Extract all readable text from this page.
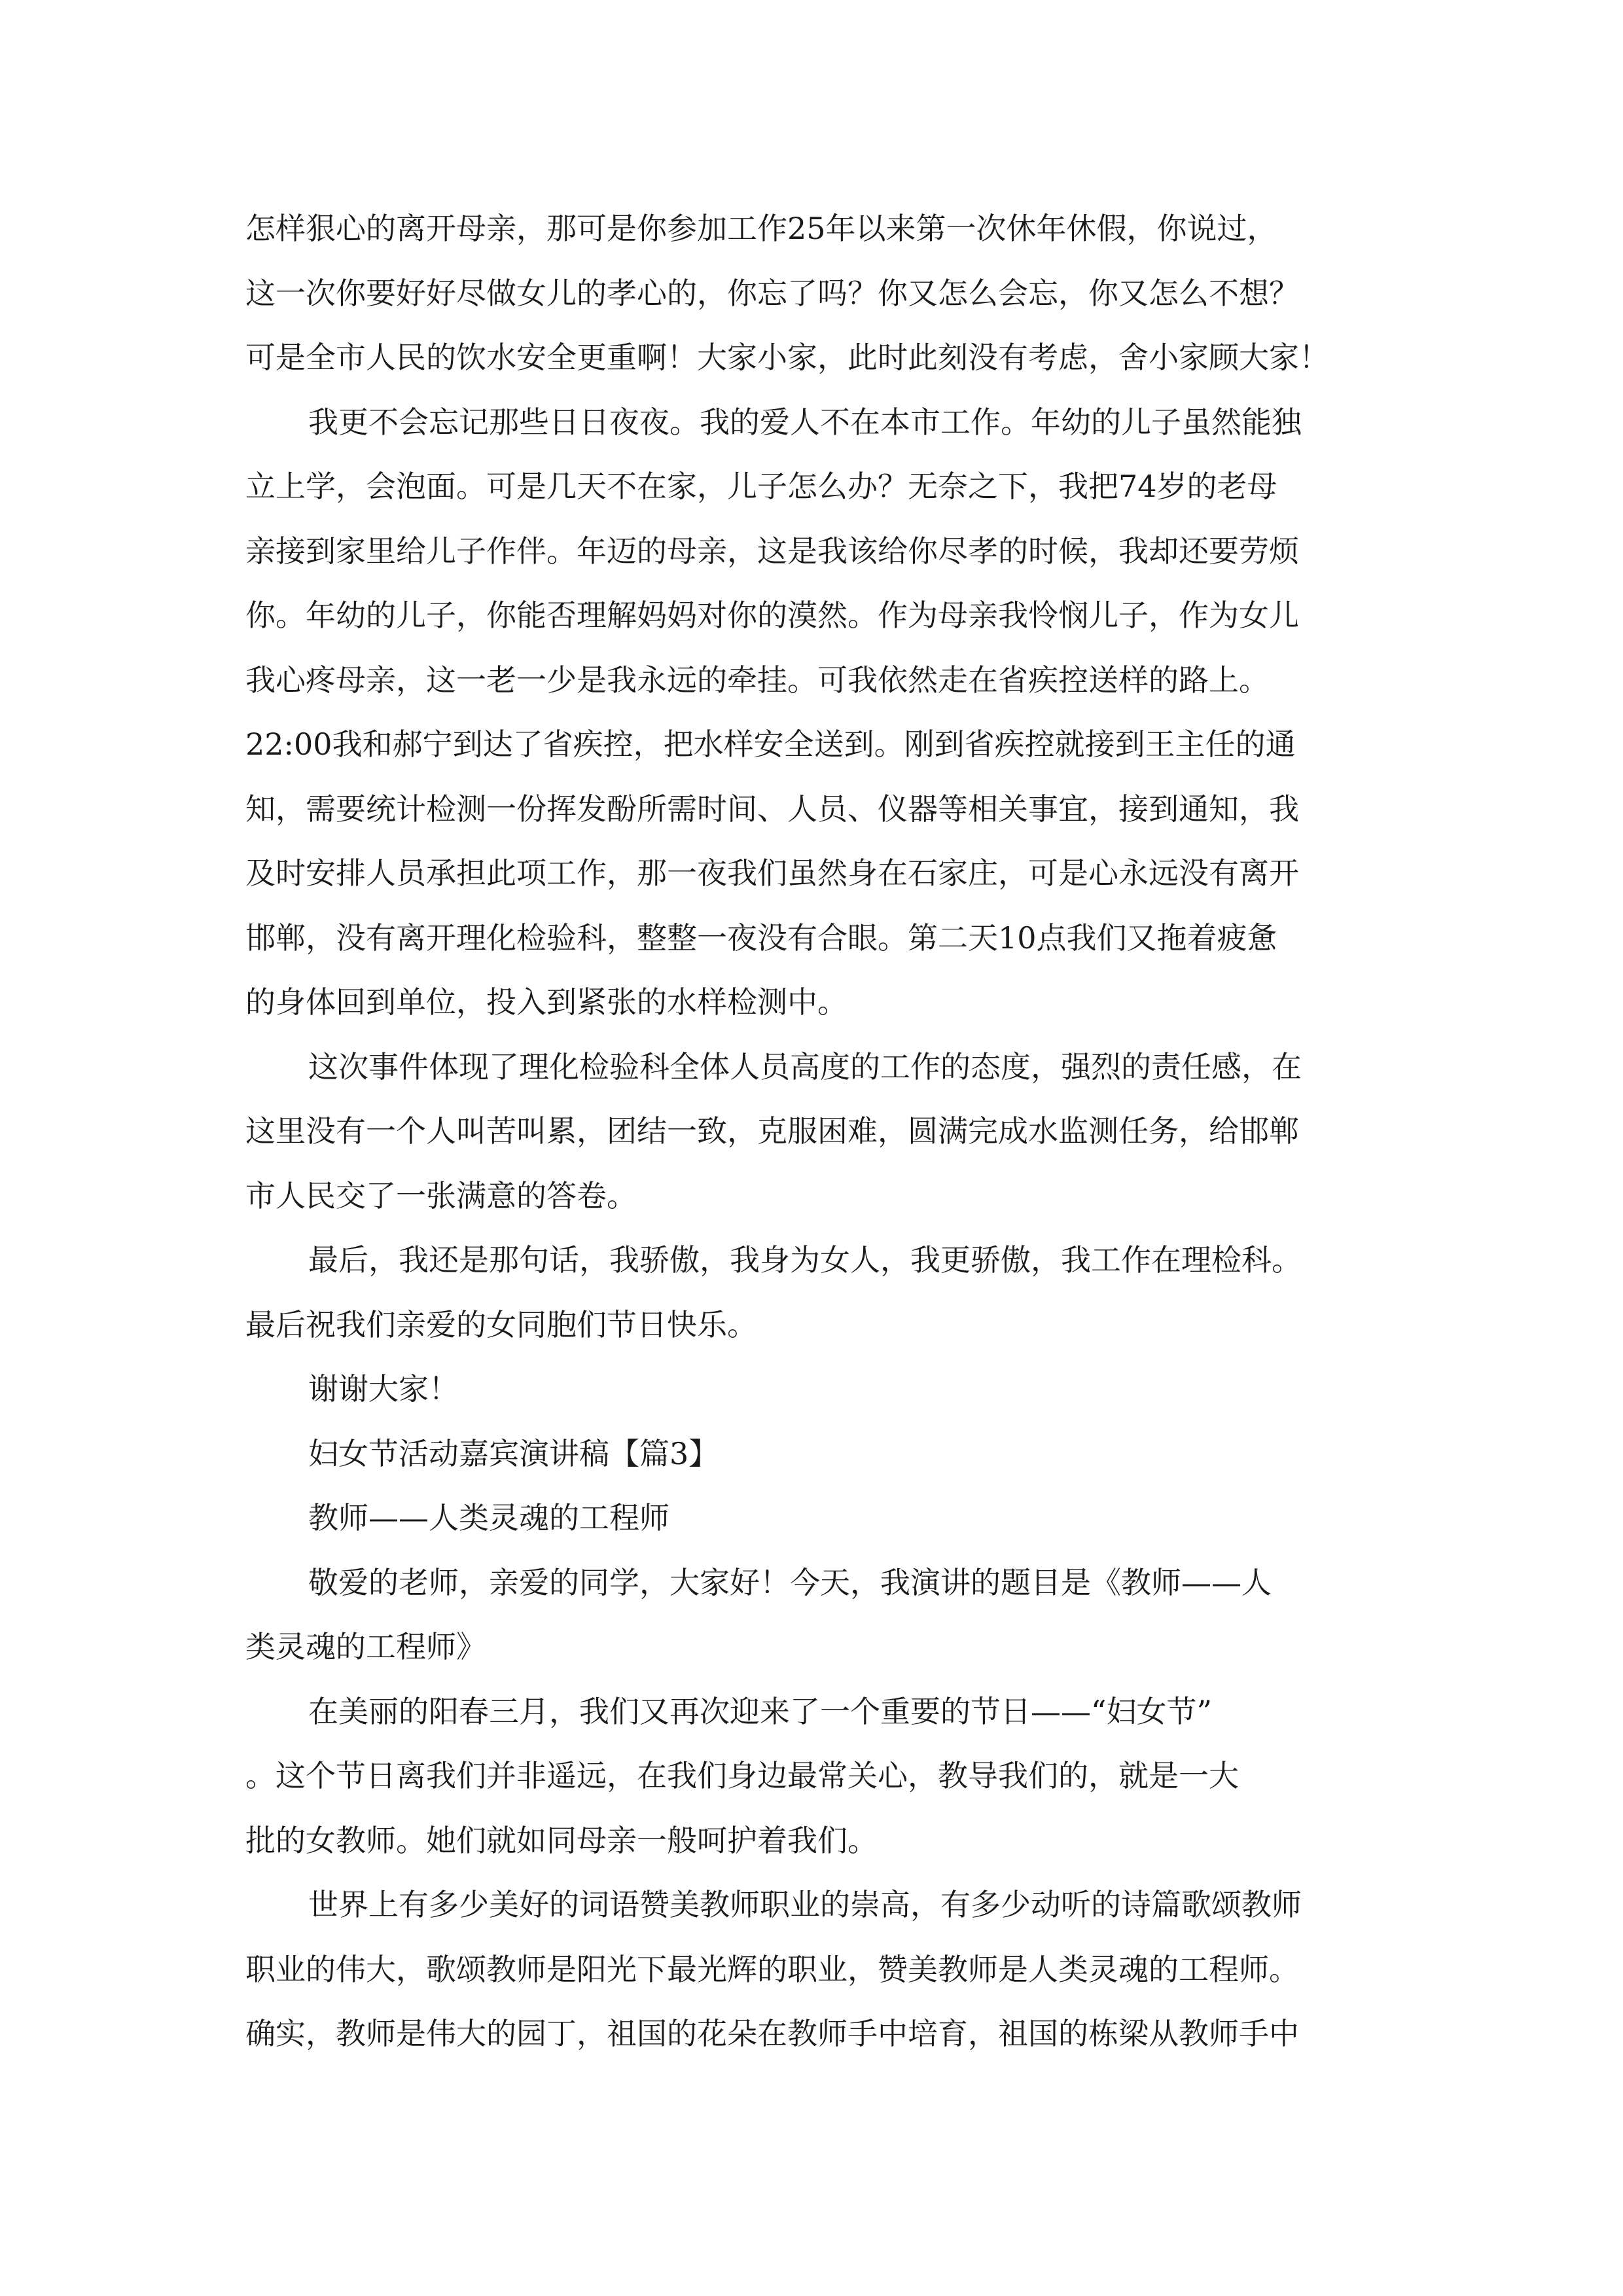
怎样狠心的离开母亲，那可是你参加工作25年以来第一次休年休假，你说过，
这一次你要好好尽做女儿的孝心的，你忘了吗？你又怎么会忘，你又怎么不想？
可是全市人民的饮水安全更重啊！大家小家，此时此刻没有考虑，舍小家顾大家！
我更不会忘记那些日日夜夜。我的爱人不在本市工作。年幼的儿子虽然能独
立上学，会泡面。可是几天不在家，儿子怎么办？无奈之下，我把74岁的老母
亲接到家里给儿子作伴。年迈的母亲，这是我该给你尽孝的时候，我却还要劳烦
你。年幼的儿子，你能否理解妈妈对你的漠然。作为母亲我怜悯儿子，作为女儿
我心疼母亲，这一老一少是我永远的牵挂。可我依然走在省疾控送样的路上。
22:00我和郝宁到达了省疾控，把水样安全送到。刚到省疾控就接到王主任的通
知，需要统计检测一份挥发酚所需时间、人员、仪器等相关事宜，接到通知，我
及时安排人员承担此项工作，那一夜我们虽然身在石家庄，可是心永远没有离开
邯郸，没有离开理化检验科，整整一夜没有合眼。第二天10点我们又拖着疲惫
的身体回到单位，投入到紧张的水样检测中。
这次事件体现了理化检验科全体人员高度的工作的态度，强烈的责任感，在
这里没有一个人叫苦叫累，团结一致，克服困难，圆满完成水监测任务，给邯郸
市人民交了一张满意的答卷。
最后，我还是那句话，我骄傲，我身为女人，我更骄傲，我工作在理检科。
最后祝我们亲爱的女同胞们节日快乐。
谢谢大家！
妇女节活动嘉宾演讲稿【篇3】
教师——人类灵魂的工程师
敬爱的老师，亲爱的同学，大家好！今天，我演讲的题目是《教师——人
类灵魂的工程师》
在美丽的阳春三月，我们又再次迎来了一个重要的节日——“妇女节”
。这个节日离我们并非遥远，在我们身边最常关心，教导我们的，就是一大
批的女教师。她们就如同母亲一般呵护着我们。
世界上有多少美好的词语赞美教师职业的崇高，有多少动听的诗篇歌颂教师
职业的伟大，歌颂教师是阳光下最光辉的职业，赞美教师是人类灵魂的工程师。
确实，教师是伟大的园丁，祖国的花朵在教师手中培育，祖国的栋梁从教师手中
